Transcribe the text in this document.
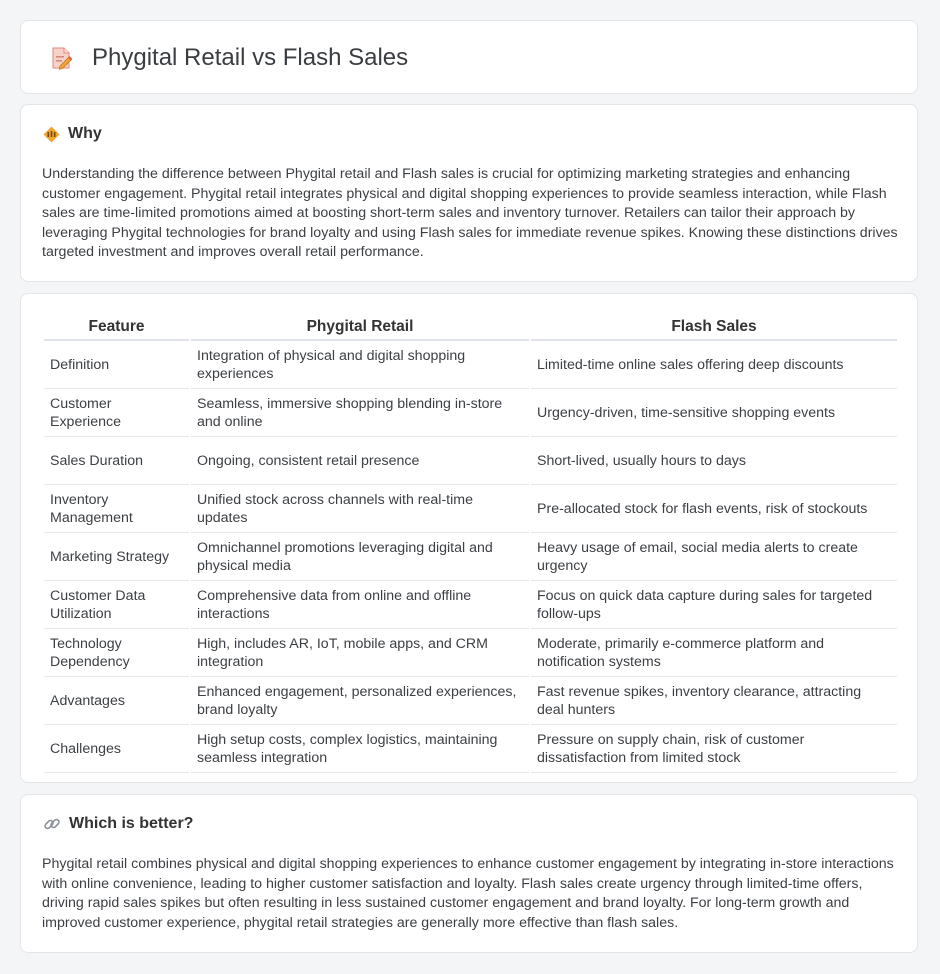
Phygital Retail vs Flash Sales
Why

Understanding the difference between Phygital retail and Flash sales is crucial for optimizing marketing strategies and enhancing customer engagement. Phygital retail integrates physical and digital shopping experiences to provide seamless interaction, while Flash sales are time-limited promotions aimed at boosting short-term sales and inventory turnover. Retailers can tailor their approach by leveraging Phygital technologies for brand loyalty and using Flash sales for immediate revenue spikes. Knowing these distinctions drives targeted investment and improves overall retail performance.

Feature	Phygital Retail	Flash Sales
Definition	Integration of physical and digital shopping experiences	Limited-time online sales offering deep discounts
Customer Experience	Seamless, immersive shopping blending in-store and online	Urgency-driven, time-sensitive shopping events
Sales Duration	Ongoing, consistent retail presence	Short-lived, usually hours to days
Inventory Management	Unified stock across channels with real-time updates	Pre-allocated stock for flash events, risk of stockouts
Marketing Strategy	Omnichannel promotions leveraging digital and physical media	Heavy usage of email, social media alerts to create urgency
Customer Data Utilization	Comprehensive data from online and offline interactions	Focus on quick data capture during sales for targeted follow-ups
Technology Dependency	High, includes AR, IoT, mobile apps, and CRM integration	Moderate, primarily e-commerce platform and notification systems
Advantages	Enhanced engagement, personalized experiences, brand loyalty	Fast revenue spikes, inventory clearance, attracting deal hunters
Challenges	High setup costs, complex logistics, maintaining seamless integration	Pressure on supply chain, risk of customer dissatisfaction from limited stock
Which is better?

Phygital retail combines physical and digital shopping experiences to enhance customer engagement by integrating in-store interactions with online convenience, leading to higher customer satisfaction and loyalty. Flash sales create urgency through limited-time offers, driving rapid sales spikes but often resulting in less sustained customer engagement and brand loyalty. For long-term growth and improved customer experience, phygital retail strategies are generally more effective than flash sales.
